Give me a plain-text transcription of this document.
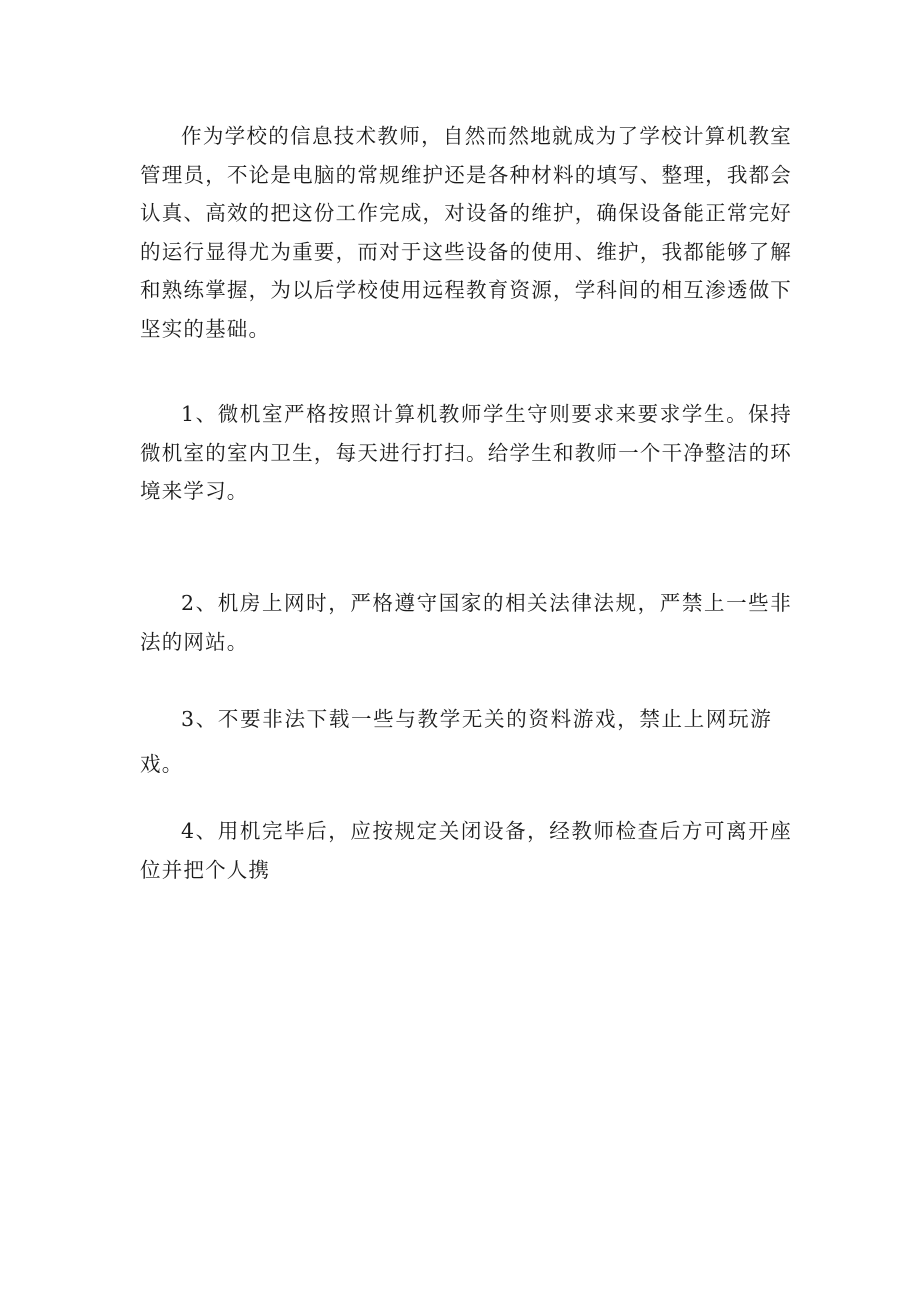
作为学校的信息技术教师，自然而然地就成为了学校计算机教室管理员，不论是电脑的常规维护还是各种材料的填写、整理，我都会认真、高效的把这份工作完成，对设备的维护，确保设备能正常完好的运行显得尤为重要，而对于这些设备的使用、维护，我都能够了解和熟练掌握，为以后学校使用远程教育资源，学科间的相互渗透做下坚实的基础。

1、微机室严格按照计算机教师学生守则要求来要求学生。保持微机室的室内卫生，每天进行打扫。给学生和教师一个干净整洁的环境来学习。

2、机房上网时，严格遵守国家的相关法律法规，严禁上一些非法的网站。

3、不要非法下载一些与教学无关的资料游戏，禁止上网玩游戏。

4、用机完毕后，应按规定关闭设备，经教师检查后方可离开座位并把个人携
